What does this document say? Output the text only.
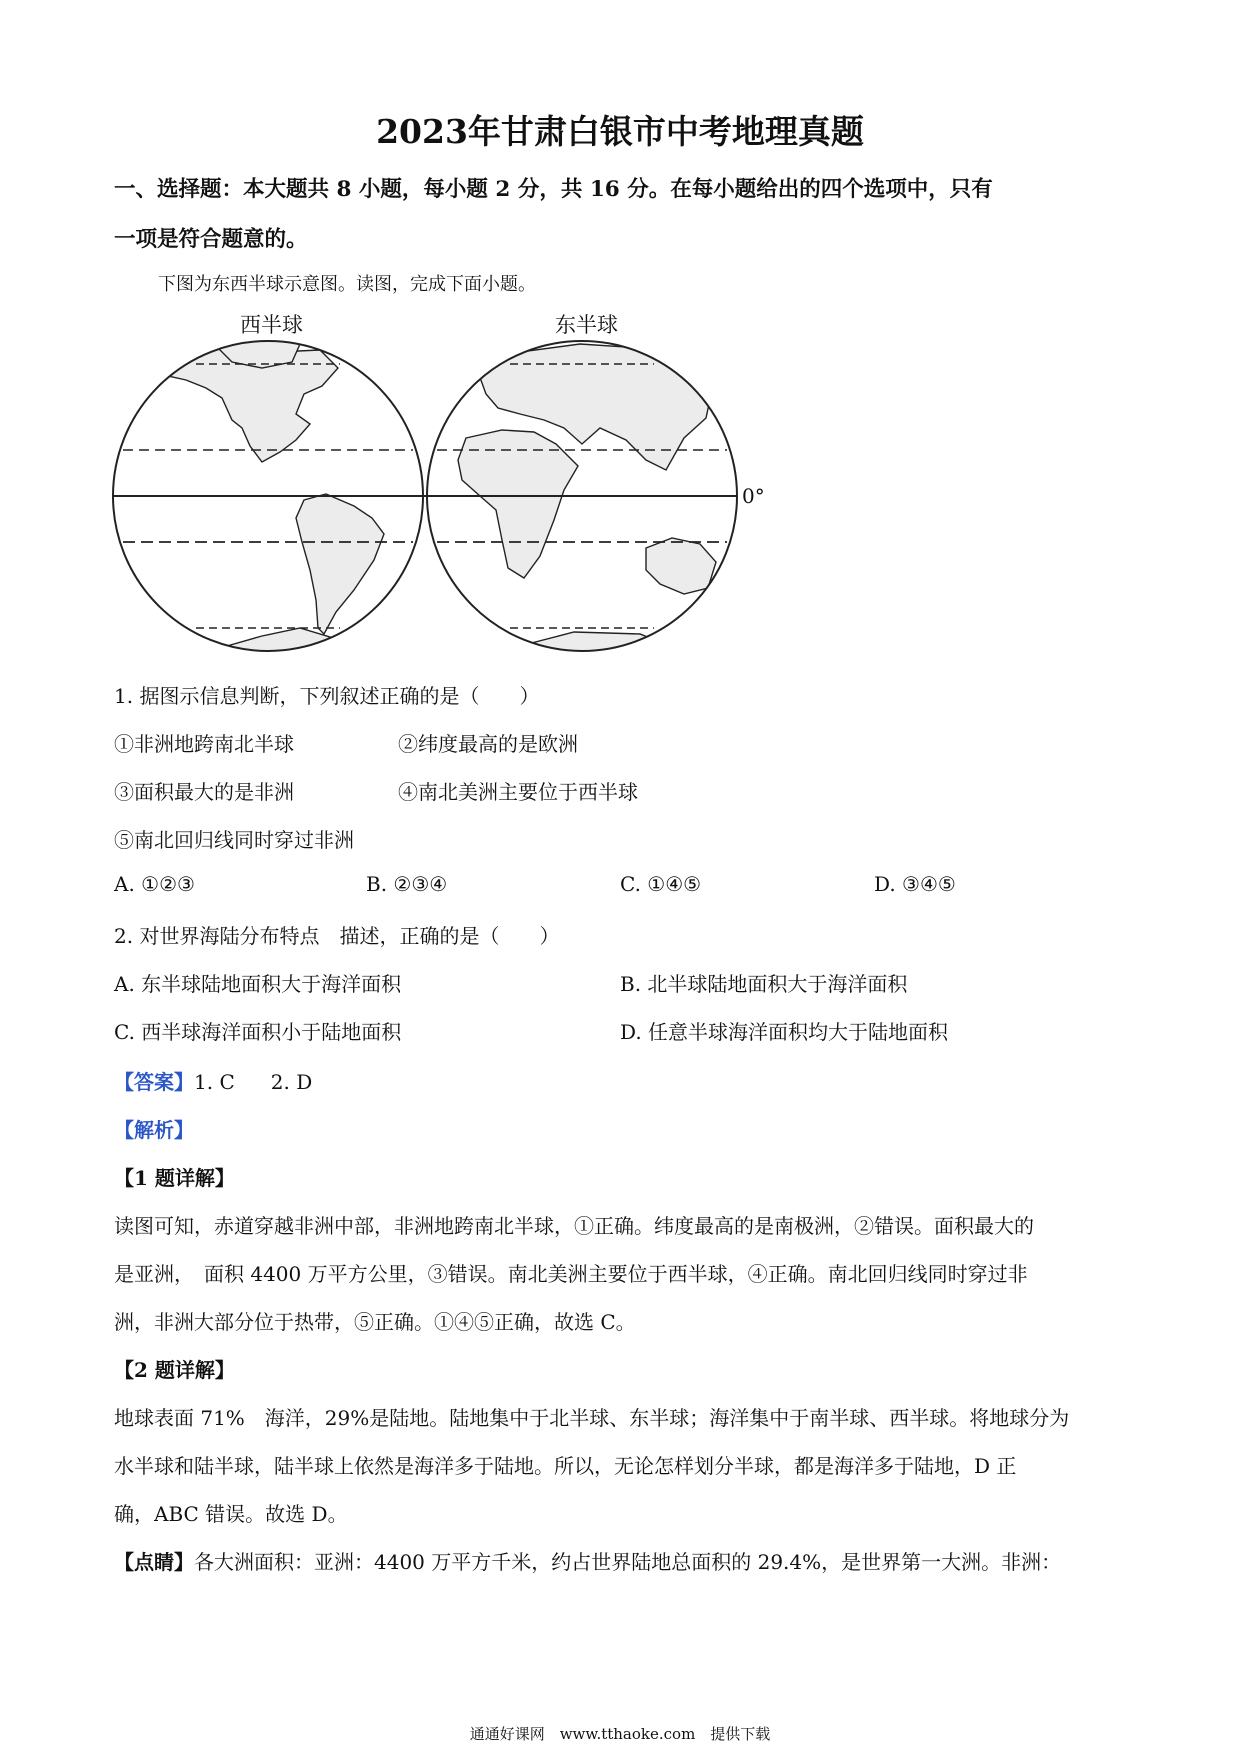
2023年甘肃白银市中考地理真题
一、选择题：本大题共 8 小题，每小题 2 分，共 16 分。在每小题给出的四个选项中，只有
一项是符合题意的。
下图为东西半球示意图。读图，完成下面小题。
西半球	东半球
0°
1. 据图示信息判断，下列叙述正确的是（　　）
①非洲地跨南北半球	②纬度最高的是欧洲
③面积最大的是非洲	④南北美洲主要位于西半球
⑤南北回归线同时穿过非洲
A. ①②③	B. ②③④	C. ①④⑤	D. ③④⑤
2. 对世界海陆分布特点　描述，正确的是（　　）
A. 东半球陆地面积大于海洋面积	B. 北半球陆地面积大于海洋面积
C. 西半球海洋面积小于陆地面积	D. 任意半球海洋面积均大于陆地面积
【答案】1. C 2. D
【解析】
【1 题详解】
读图可知，赤道穿越非洲中部，非洲地跨南北半球，①正确。纬度最高的是南极洲，②错误。面积最大的
是亚洲，　面积 4400 万平方公里，③错误。南北美洲主要位于西半球，④正确。南北回归线同时穿过非
洲，非洲大部分位于热带，⑤正确。①④⑤正确，故选 C。
【2 题详解】
地球表面 71%　海洋，29%是陆地。陆地集中于北半球、东半球；海洋集中于南半球、西半球。将地球分为
水半球和陆半球，陆半球上依然是海洋多于陆地。所以，无论怎样划分半球，都是海洋多于陆地，D 正
确，ABC 错误。故选 D。
【点睛】各大洲面积：亚洲：4400 万平方千米，约占世界陆地总面积的 29.4%，是世界第一大洲。非洲：
通通好课网　www.tthaoke.com　提供下载
